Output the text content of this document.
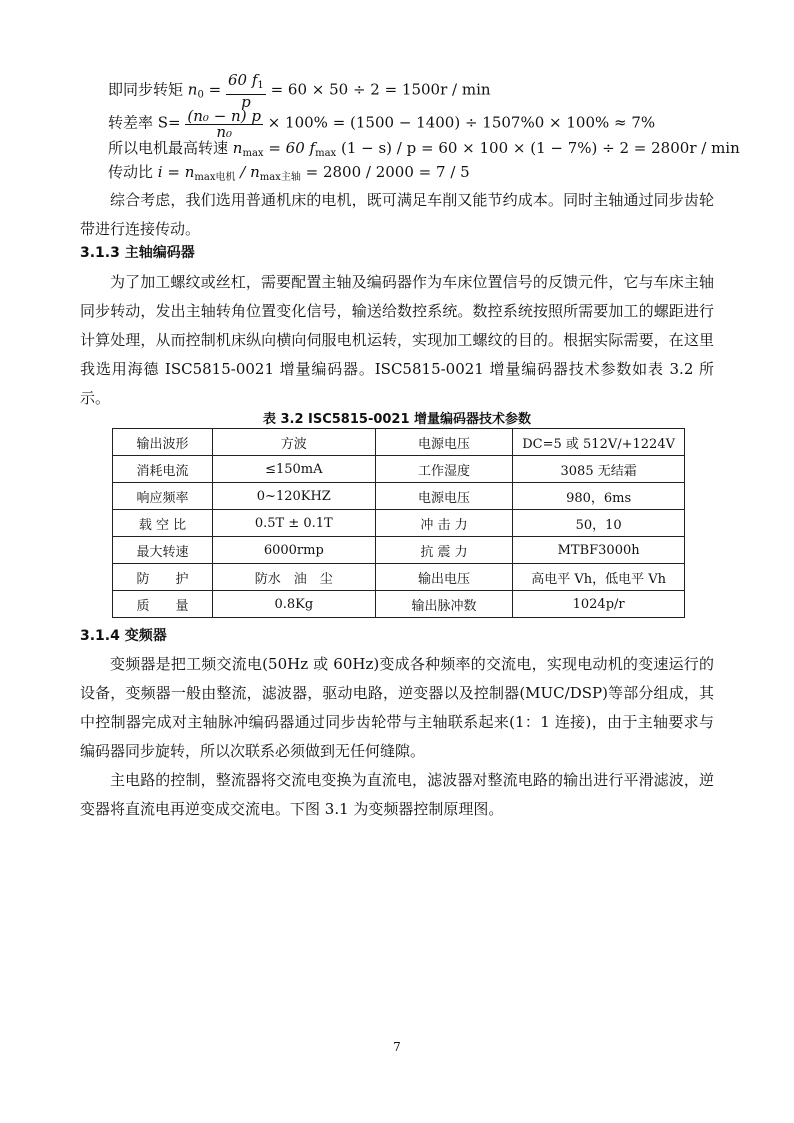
即同步转矩 $n_0 = \frac{60 f_1}{p} = 60 \times 50 \div 2 = 1500r / \min$
转差率 $S= \frac{\text{(n₀ − n) p}}{\text{n₀}} \times 100\% = (1500 - 1400) \div 1507\%0 \times 100\% \approx 7\%$
所以电机最高转速 $n_{max} = 60$ $f_{max}$ (1 − s) / p = 60 × 100 × (1 − 7%) ÷ 2 = 2800r / min
传动比 $i = n_{max电机} / n_{max主轴} = 2800 / 2000 = 7 / 5$
综合考虑，我们选用普通机床的电机，既可满足车削又能节约成本。同时主轴通过同步齿轮带进行连接传动。
3.1.3 主轴编码器
为了加工螺纹或丝杠，需要配置主轴及编码器作为车床位置信号的反馈元件，它与车床主轴同步转动，发出主轴转角位置变化信号，输送给数控系统。数控系统按照所需要加工的螺距进行计算处理，从而控制机床纵向横向伺服电机运转，实现加工螺纹的目的。根据实际需要，在这里我选用海德 ISC5815-0021 增量编码器。ISC5815-0021 增量编码器技术参数如表 3.2 所示。
表 3.2 ISC5815-0021 增量编码器技术参数
输出波形	方波	电源电压	DC=5 或 512V/+1224V
消耗电流	≤150mA	工作湿度	3085 无结霜
响应频率	0~120KHZ	电源电压	980，6ms
载 空 比	0.5T ± 0.1T	冲 击 力	50，10
最大转速	6000rmp	抗 震 力	MTBF3000h
防　　护	防水　油　尘	输出电压	高电平 Vh，低电平 Vh
质　　量	0.8Kg	输出脉冲数	1024p/r
3.1.4 变频器
变频器是把工频交流电(50Hz 或 60Hz)变成各种频率的交流电，实现电动机的变速运行的设备，变频器一般由整流，滤波器，驱动电路，逆变器以及控制器(MUC/DSP)等部分组成，其中控制器完成对主轴脉冲编码器通过同步齿轮带与主轴联系起来(1：1 连接)，由于主轴要求与编码器同步旋转，所以次联系必须做到无任何缝隙。
主电路的控制，整流器将交流电变换为直流电，滤波器对整流电路的输出进行平滑滤波，逆变器将直流电再逆变成交流电。下图 3.1 为变频器控制原理图。
7
